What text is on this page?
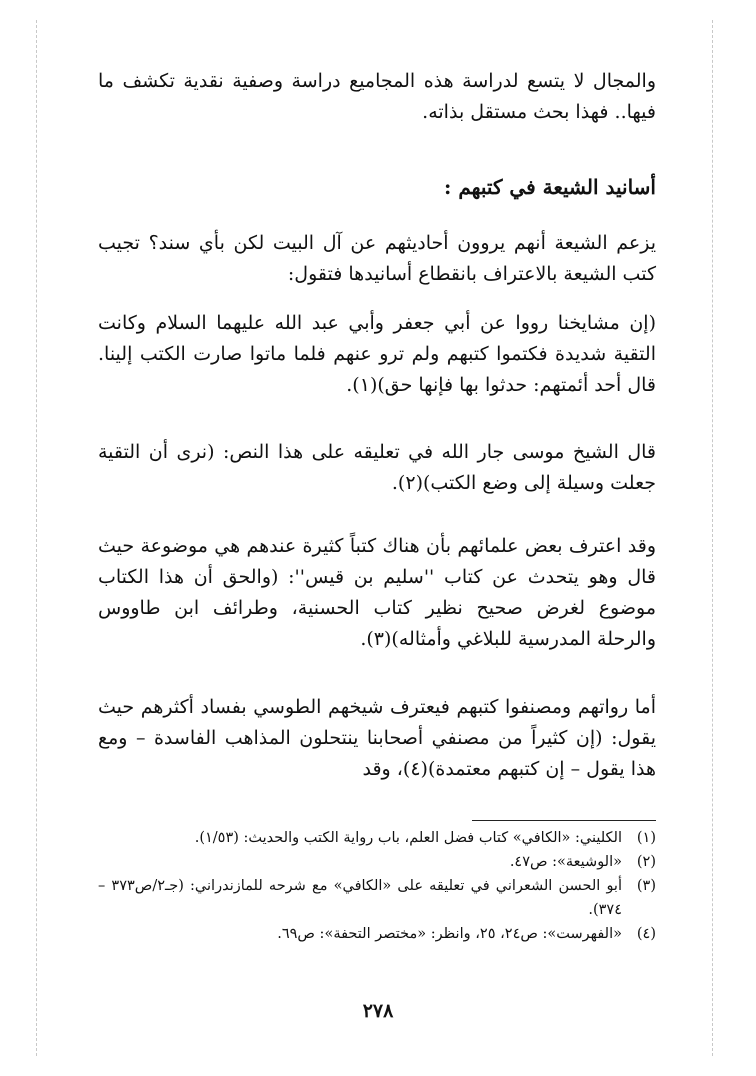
والمجال لا يتسع لدراسة هذه المجاميع دراسة وصفية نقدية تكشف ما فيها.. فهذا بحث مستقل بذاته.
أسانيد الشيعة في كتبهم :
يزعم الشيعة أنهم يروون أحاديثهم عن آل البيت لكن بأي سند؟ تجيب كتب الشيعة بالاعتراف بانقطاع أسانيدها فتقول:
(إن مشايخنا رووا عن أبي جعفر وأبي عبد الله عليهما السلام وكانت التقية شديدة فكتموا كتبهم ولم ترو عنهم فلما ماتوا صارت الكتب إلينا. قال أحد أئمتهم: حدثوا بها فإنها حق)(١).
قال الشيخ موسى جار الله في تعليقه على هذا النص: (نرى أن التقية جعلت وسيلة إلى وضع الكتب)(٢).
وقد اعترف بعض علمائهم بأن هناك كتباً كثيرة عندهم هي موضوعة حيث قال وهو يتحدث عن كتاب ''سليم بن قيس'': (والحق أن هذا الكتاب موضوع لغرض صحيح نظير كتاب الحسنية، وطرائف ابن طاووس والرحلة المدرسية للبلاغي وأمثاله)(٣).
أما رواتهم ومصنفوا كتبهم فيعترف شيخهم الطوسي بفساد أكثرهم حيث يقول: (إن كثيراً من مصنفي أصحابنا ينتحلون المذاهب الفاسدة – ومع هذا يقول – إن كتبهم معتمدة)(٤)، وقد
(١)
الكليني: «الكافي» كتاب فضل العلم، باب رواية الكتب والحديث: (١/٥٣).
(٢)
«الوشيعة»: ص٤٧.
(٣)
أبو الحسن الشعراني في تعليقه على «الكافي» مع شرحه للمازندراني: (جـ٢/ص٣٧٣ –٣٧٤).
(٤)
«الفهرست»: ص٢٤، ٢٥، وانظر: «مختصر التحفة»: ص٦٩.
٢٧٨
